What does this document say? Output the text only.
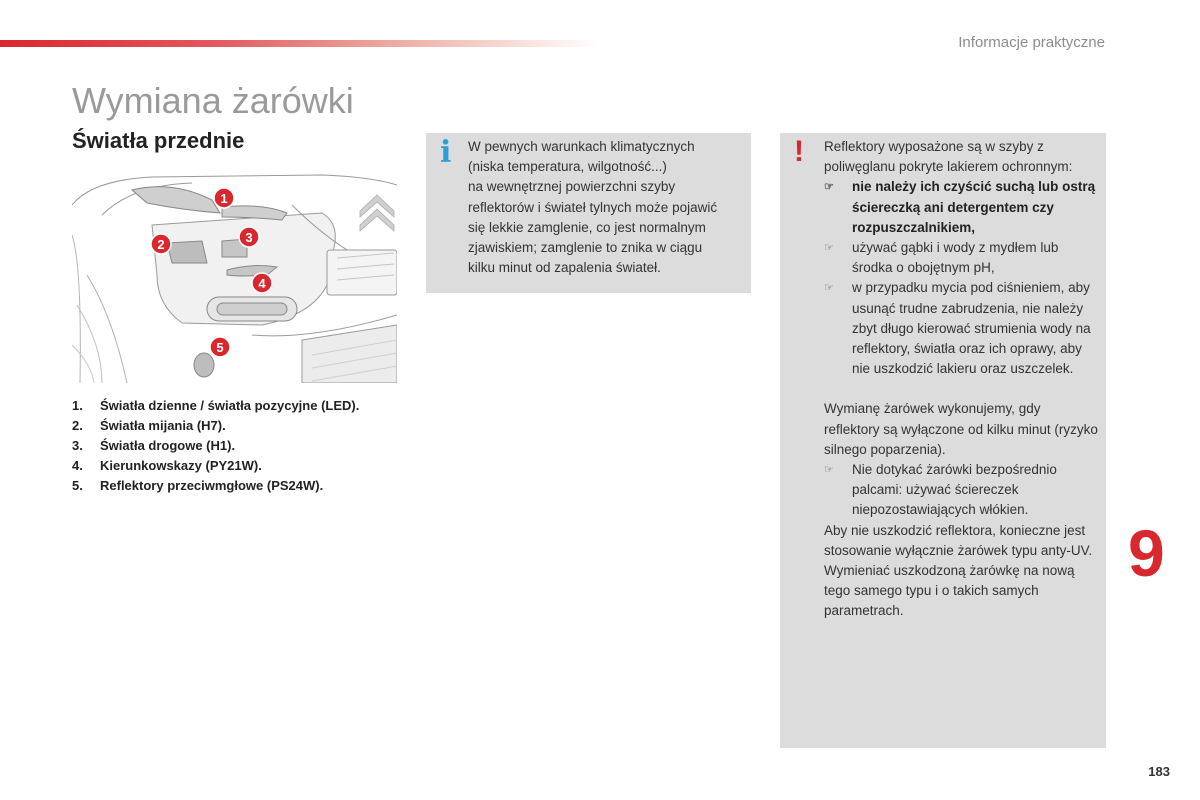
Informacje praktyczne
Wymiana żarówki
Światła przednie
1
2	3
4
5
1. Światła dzienne / światła pozycyjne (LED).
2. Światła mijania (H7).
3. Światła drogowe (H1).
4. Kierunkowskazy (PY21W).
5. Reflektory przeciwmgłowe (PS24W).
i W pewnych warunkach klimatycznych
(niska temperatura, wilgotność...)
na wewnętrznej powierzchni szyby
reflektorów i świateł tylnych może pojawić
się lekkie zamglenie, co jest normalnym
zjawiskiem; zamglenie to znika w ciągu
kilku minut od zapalenia świateł.

! Reflektory wyposażone są w szyby z poliwęglanu pokryte lakierem ochronnym:

☞ nie należy ich czyścić suchą lub ostrą ściereczką ani detergentem czy rozpuszczalnikiem,
☞ używać gąbki i wody z mydłem lub środka o obojętnym pH,
☞ w przypadku mycia pod ciśnieniem, aby usunąć trudne zabrudzenia, nie należy zbyt długo kierować strumienia wody na reflektory, światła oraz ich oprawy, aby nie uszkodzić lakieru oraz uszczelek.

Wymianę żarówek wykonujemy, gdy reflektory są wyłączone od kilku minut (ryzyko silnego poparzenia).

☞ Nie dotykać żarówki bezpośrednio palcami: używać ściereczek niepozostawiających włókien.

Aby nie uszkodzić reflektora, konieczne jest stosowanie wyłącznie żarówek typu anty-UV.

Wymieniać uszkodzoną żarówkę na nową tego samego typu i o takich samych parametrach.

9
183
